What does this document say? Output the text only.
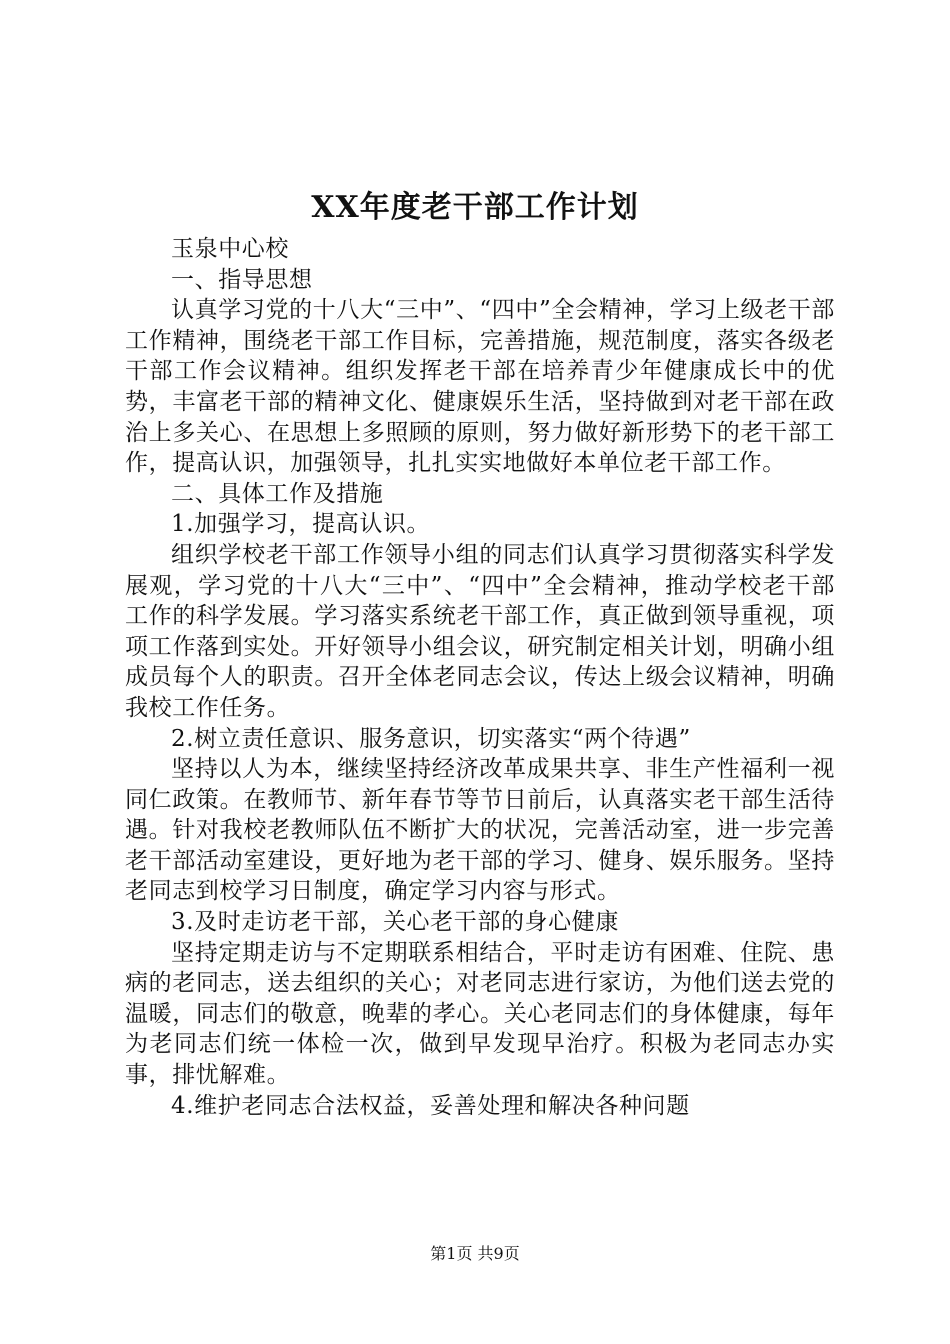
XX年度老干部工作计划

玉泉中心校

一、指导思想

认真学习党的十八大“三中”、“四中”全会精神，学习上级老干部工作精神，围绕老干部工作目标，完善措施，规范制度，落实各级老干部工作会议精神。组织发挥老干部在培养青少年健康成长中的优势，丰富老干部的精神文化、健康娱乐生活，坚持做到对老干部在政治上多关心、在思想上多照顾的原则，努力做好新形势下的老干部工作，提高认识，加强领导，扎扎实实地做好本单位老干部工作。

二、具体工作及措施

1.加强学习，提高认识。

组织学校老干部工作领导小组的同志们认真学习贯彻落实科学发展观，学习党的十八大“三中”、“四中”全会精神，推动学校老干部工作的科学发展。学习落实系统老干部工作，真正做到领导重视，项项工作落到实处。开好领导小组会议，研究制定相关计划，明确小组成员每个人的职责。召开全体老同志会议，传达上级会议精神，明确我校工作任务。

2.树立责任意识、服务意识，切实落实“两个待遇”

坚持以人为本，继续坚持经济改革成果共享、非生产性福利一视同仁政策。在教师节、新年春节等节日前后，认真落实老干部生活待遇。针对我校老教师队伍不断扩大的状况，完善活动室，进一步完善老干部活动室建设，更好地为老干部的学习、健身、娱乐服务。坚持老同志到校学习日制度，确定学习内容与形式。

3.及时走访老干部，关心老干部的身心健康

坚持定期走访与不定期联系相结合，平时走访有困难、住院、患病的老同志，送去组织的关心；对老同志进行家访，为他们送去党的温暖，同志们的敬意，晚辈的孝心。关心老同志们的身体健康，每年为老同志们统一体检一次，做到早发现早治疗。积极为老同志办实事，排忧解难。

4.维护老同志合法权益，妥善处理和解决各种问题

第1页 共9页
